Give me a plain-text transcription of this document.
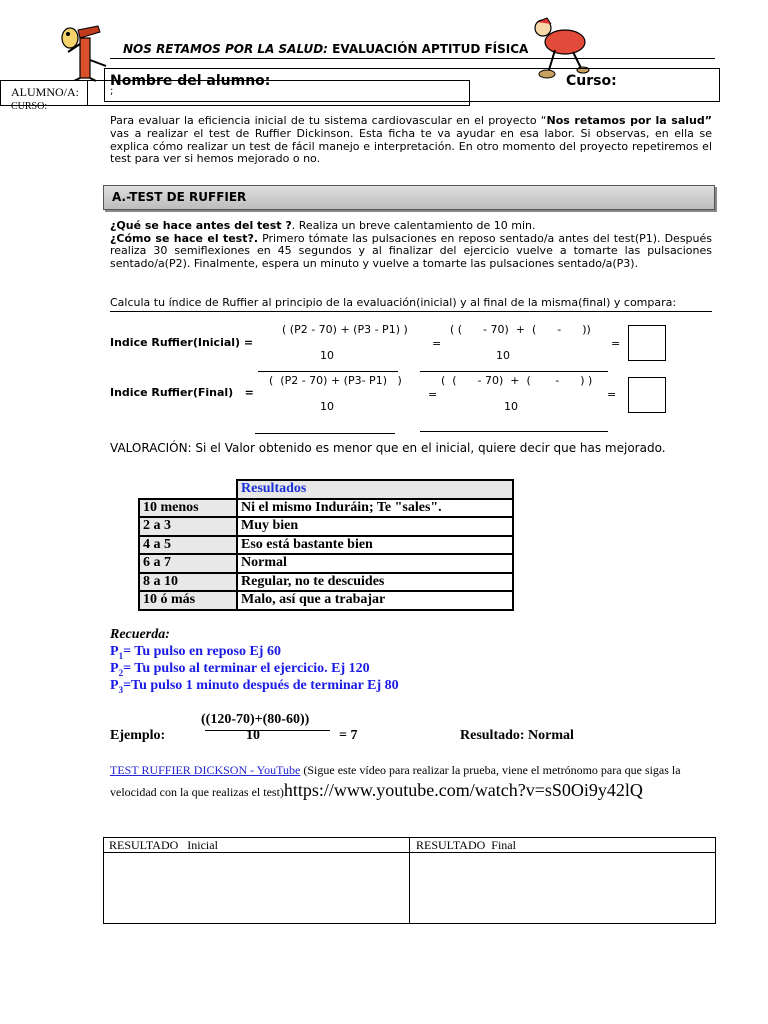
NOS RETAMOS POR LA SALUD: EVALUACIÓN APTITUD FÍSICA
Nombre del alumno:
;
Curso:
ALUMNO/A:
CURSO:
Para evaluar la eficiencia inicial de tu sistema cardiovascular en el proyecto “Nos retamos por la salud” vas a realizar el test de Ruffier Dickinson. Esta ficha te va ayudar en esa labor. Si observas, en ella se explica cómo realizar un test de fácil manejo e interpretación. En otro momento del proyecto repetiremos el test para ver si hemos mejorado o no.
A.-TEST DE RUFFIER
¿Qué se hace antes del test ?. Realiza un breve calentamiento de 10 min.
¿Cómo se hace el test?. Primero tómate las pulsaciones en reposo sentado/a antes del test(P1). Después realiza 30 semiflexiones en 45 segundos y al finalizar del ejercicio vuelve a tomarte las pulsaciones sentado/a(P2). Finalmente, espera un minuto y vuelve a tomarte las pulsaciones sentado/a(P3).
Calcula tu índice de Ruffier al principio de la evaluación(inicial) y al final de la misma(final) y compara:
Indice Ruffier(Inicial) =
( (P2 - 70) + (P3 - P1) )
10
=
( (      - 70)  +  (      -      ))
10
=
Indice Ruffier(Final)   =
(  (P2 - 70) + (P3- P1)   )
10
=
(  (      - 70)  +  (       -      ) )
10
=
VALORACIÓN: Si el Valor obtenido es menor que en el inicial, quiere decir que has mejorado.
	Resultados
10 menos	Ni el mismo Induráin; Te "sales".
2 a 3	Muy bien
4 a 5	Eso está bastante bien
6 a 7	Normal
8 a 10	Regular, no te descuides
10 ó más	Malo, así que a trabajar
Recuerda:
$P_1= Tu$ pulso en reposo Ej 60
$P_2= Tu$ pulso al terminar el ejercicio. Ej 120
$P_3=Tu$ pulso 1 minuto después de terminar Ej 80
((120-70)+(80-60))
Ejemplo:	10	= 7	Resultado: Normal
TEST RUFFIER DICKSON - YouTube (Sigue este vídeo para realizar la prueba, viene el metrónomo para que sigas la velocidad con la que realizas el test)https://www.youtube.com/watch?v=sS0Oi9y42lQ
RESULTADO   Inicial	RESULTADO  Final
